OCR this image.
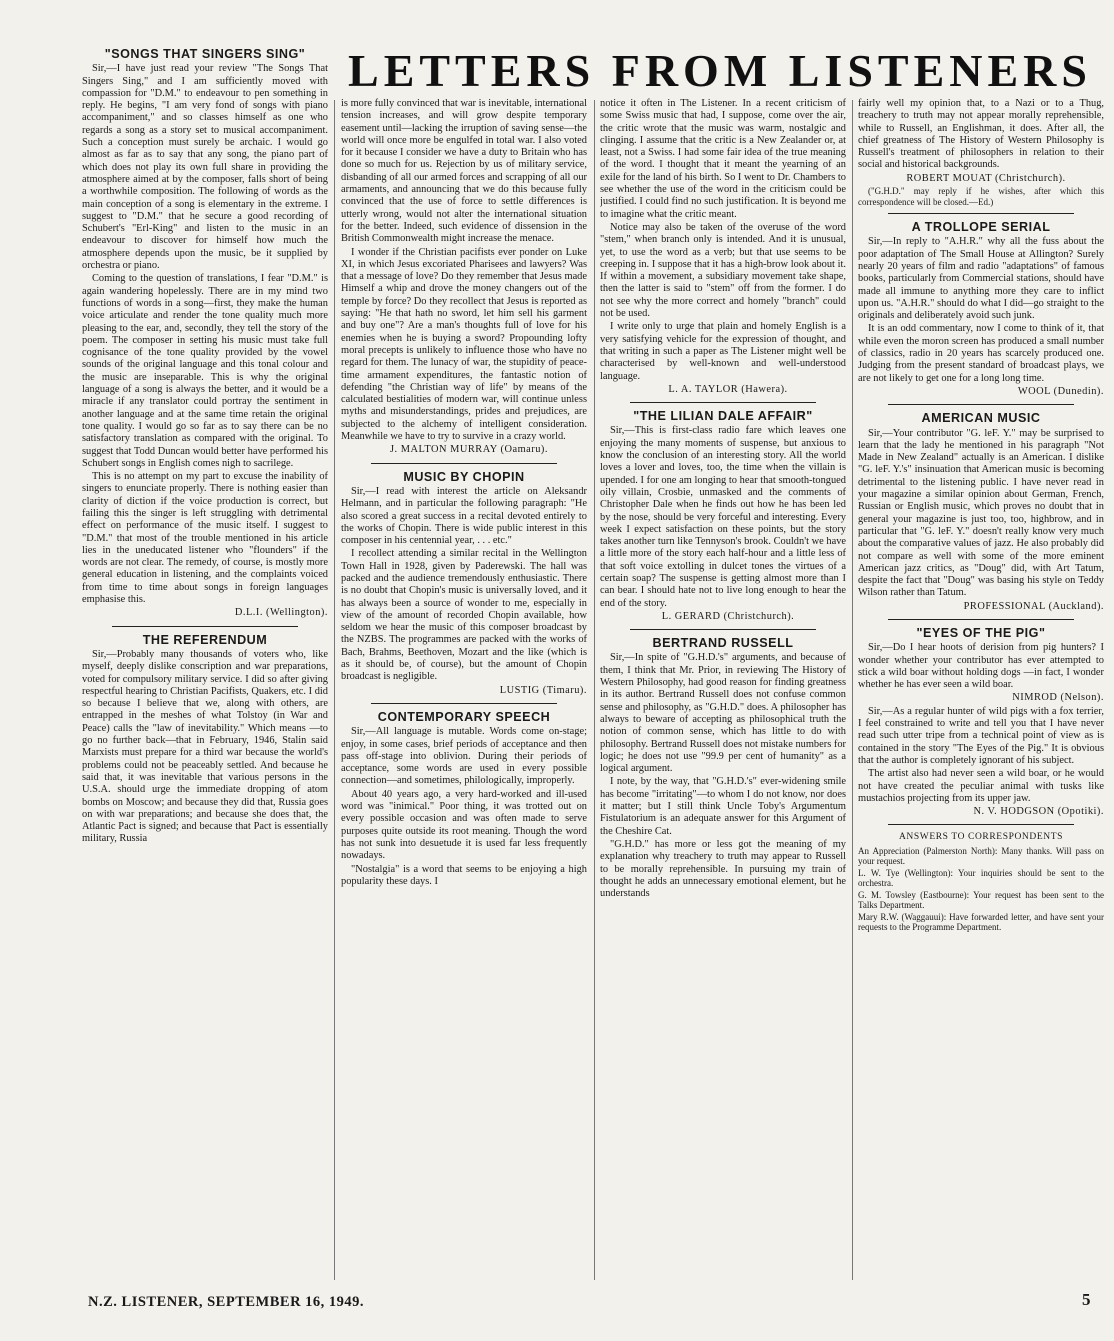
LETTERS FROM LISTENERS
"SONGS THAT SINGERS SING"

Sir,—I have just read your review "The Songs That Singers Sing," and I am sufficiently moved with compassion for "D.M." to endeavour to pen something in reply. He begins, "I am very fond of songs with piano accompaniment," and so classes himself as one who regards a song as a story set to musical accompaniment. Such a conception must surely be archaic. I would go almost as far as to say that any song, the piano part of which does not play its own full share in providing the atmosphere aimed at by the composer, falls short of being a worthwhile composition. The following of words as the main conception of a song is elementary in the extreme. I suggest to "D.M." that he secure a good recording of Schubert's "Erl-King" and listen to the music in an endeavour to discover for himself how much the atmosphere depends upon the music, be it supplied by orchestra or piano.

Coming to the question of translations, I fear "D.M." is again wandering hopelessly. There are in my mind two functions of words in a song—first, they make the human voice articulate and render the tone quality much more pleasing to the ear, and, secondly, they tell the story of the poem. The composer in setting his music must take full cognisance of the tone quality provided by the vowel sounds of the original language and this tonal colour and the music are inseparable. This is why the original language of a song is always the better, and it would be a miracle if any translator could portray the sentiment in another language and at the same time retain the original tone quality. I would go so far as to say there can be no satisfactory translation as compared with the original. To suggest that Todd Duncan would better have performed his Schubert songs in English comes nigh to sacrilege.

This is no attempt on my part to excuse the inability of singers to enunciate properly. There is nothing easier than clarity of diction if the voice production is correct, but failing this the singer is left struggling with detrimental effect on performance of the music itself. I suggest to "D.M." that most of the trouble mentioned in his article lies in the uneducated listener who "flounders" if the words are not clear. The remedy, of course, is mostly more general education in listening, and the complaints voiced from time to time about songs in foreign languages emphasise this.

D.L.I. (Wellington).

THE REFERENDUM

Sir,—Probably many thousands of voters who, like myself, deeply dislike conscription and war preparations, voted for compulsory military service. I did so after giving respectful hearing to Christian Pacifists, Quakers, etc. I did so because I believe that we, along with others, are entrapped in the meshes of what Tolstoy (in War and Peace) calls the "law of inevitability." Which means —to go no further back—that in February, 1946, Stalin said Marxists must prepare for a third war because the world's problems could not be peaceably settled. And because he said that, it was inevitable that various persons in the U.S.A. should urge the immediate dropping of atom bombs on Moscow; and because they did that, Russia goes on with war preparations; and because she does that, the Atlantic Pact is signed; and because that Pact is essentially military, Russia

is more fully convinced that war is inevitable, international tension increases, and will grow despite temporary easement until—lacking the irruption of saving sense—the world will once more be engulfed in total war. I also voted for it because I consider we have a duty to Britain who has done so much for us. Rejection by us of military service, disbanding of all our armed forces and scrapping of all our armaments, and announcing that we do this because fully convinced that the use of force to settle differences is utterly wrong, would not alter the international situation for the better. Indeed, such evidence of dissension in the British Commonwealth might increase the menace.

I wonder if the Christian pacifists ever ponder on Luke XI, in which Jesus excoriated Pharisees and lawyers? Was that a message of love? Do they remember that Jesus made Himself a whip and drove the money changers out of the temple by force? Do they recollect that Jesus is reported as saying: "He that hath no sword, let him sell his garment and buy one"? Are a man's thoughts full of love for his enemies when he is buying a sword? Propounding lofty moral precepts is unlikely to influence those who have no regard for them. The lunacy of war, the stupidity of peace-time armament expenditures, the fantastic notion of defending "the Christian way of life" by means of the calculated bestialities of modern war, will continue unless myths and misunderstandings, prides and prejudices, are subjected to the alchemy of intelligent consideration. Meanwhile we have to try to survive in a crazy world.

J. MALTON MURRAY (Oamaru).

MUSIC BY CHOPIN

Sir,—I read with interest the article on Aleksandr Helmann, and in particular the following paragraph: "He also scored a great success in a recital devoted entirely to the works of Chopin. There is wide public interest in this composer in his centennial year, . . . etc."

I recollect attending a similar recital in the Wellington Town Hall in 1928, given by Paderewski. The hall was packed and the audience tremendously enthusiastic. There is no doubt that Chopin's music is universally loved, and it has always been a source of wonder to me, especially in view of the amount of recorded Chopin available, how seldom we hear the music of this composer broadcast by the NZBS. The programmes are packed with the works of Bach, Brahms, Beethoven, Mozart and the like (which is as it should be, of course), but the amount of Chopin broadcast is negligible.

LUSTIG (Timaru).

CONTEMPORARY SPEECH

Sir,—All language is mutable. Words come on-stage; enjoy, in some cases, brief periods of acceptance and then pass off-stage into oblivion. During their periods of acceptance, some words are used in every possible connection—and sometimes, philologically, improperly.

About 40 years ago, a very hard-worked and ill-used word was "inimical." Poor thing, it was trotted out on every possible occasion and was often made to serve purposes quite outside its root meaning. Though the word has not sunk into desuetude it is used far less frequently nowadays.

"Nostalgia" is a word that seems to be enjoying a high popularity these days. I

notice it often in The Listener. In a recent criticism of some Swiss music that had, I suppose, come over the air, the critic wrote that the music was warm, nostalgic and clinging. I assume that the critic is a New Zealander or, at least, not a Swiss. I had some fair idea of the true meaning of the word. I thought that it meant the yearning of an exile for the land of his birth. So I went to Dr. Chambers to see whether the use of the word in the criticism could be justified. I could find no such justification. It is beyond me to imagine what the critic meant.

Notice may also be taken of the overuse of the word "stem," when branch only is intended. And it is unusual, yet, to use the word as a verb; but that use seems to be creeping in. I suppose that it has a high-brow look about it. If within a movement, a subsidiary movement take shape, then the latter is said to "stem" off from the former. I do not see why the more correct and homely "branch" could not be used.

I write only to urge that plain and homely English is a very satisfying vehicle for the expression of thought, and that writing in such a paper as The Listener might well be characterised by well-known and well-understood language.

L. A. TAYLOR (Hawera).

"THE LILIAN DALE AFFAIR"

Sir,—This is first-class radio fare which leaves one enjoying the many moments of suspense, but anxious to know the conclusion of an interesting story. All the world loves a lover and loves, too, the time when the villain is upended. I for one am longing to hear that smooth-tongued oily villain, Crosbie, unmasked and the comments of Christopher Dale when he finds out how he has been led by the nose, should be very forceful and interesting. Every week I expect satisfaction on these points, but the story takes another turn like Tennyson's brook. Couldn't we have a little more of the story each half-hour and a little less of that soft voice extolling in dulcet tones the virtues of a certain soap? The suspense is getting almost more than I can bear. I should hate not to live long enough to hear the end of the story.

L. GERARD (Christchurch).

BERTRAND RUSSELL

Sir,—In spite of "G.H.D.'s" arguments, and because of them, I think that Mr. Prior, in reviewing The History of Western Philosophy, had good reason for finding greatness in its author. Bertrand Russell does not confuse common sense and philosophy, as "G.H.D." does. A philosopher has always to beware of accepting as philosophical truth the notion of common sense, which has little to do with philosophy. Bertrand Russell does not mistake numbers for logic; he does not use "99.9 per cent of humanity" as a logical argument.

I note, by the way, that "G.H.D.'s" ever-widening smile has become "irritating"—to whom I do not know, nor does it matter; but I still think Uncle Toby's Argumentum Fistulatorium is an adequate answer for this Argument of the Cheshire Cat.

"G.H.D." has more or less got the meaning of my explanation why treachery to truth may appear to Russell to be morally reprehensible. In pursuing my train of thought he adds an unnecessary emotional element, but he understands

fairly well my opinion that, to a Nazi or to a Thug, treachery to truth may not appear morally reprehensible, while to Russell, an Englishman, it does. After all, the chief greatness of The History of Western Philosophy is Russell's treatment of philosophers in relation to their social and historical backgrounds.

ROBERT MOUAT (Christchurch).

("G.H.D." may reply if he wishes, after which this correspondence will be closed.—Ed.)

A TROLLOPE SERIAL

Sir,—In reply to "A.H.R." why all the fuss about the poor adaptation of The Small House at Allington? Surely nearly 20 years of film and radio "adaptations" of famous books, particularly from Commercial stations, should have made all immune to anything more they care to inflict upon us. "A.H.R." should do what I did—go straight to the originals and deliberately avoid such junk.

It is an odd commentary, now I come to think of it, that while even the moron screen has produced a small number of classics, radio in 20 years has scarcely produced one. Judging from the present standard of broadcast plays, we are not likely to get one for a long long time.

WOOL (Dunedin).

AMERICAN MUSIC

Sir,—Your contributor "G. leF. Y." may be surprised to learn that the lady he mentioned in his paragraph "Not Made in New Zealand" actually is an American. I dislike "G. leF. Y.'s" insinuation that American music is becoming detrimental to the listening public. I have never read in your magazine a similar opinion about German, French, Russian or English music, which proves no doubt that in general your magazine is just too, too, highbrow, and in particular that "G. leF. Y." doesn't really know very much about the comparative values of jazz. He also probably did not compare as well with some of the more eminent American jazz critics, as "Doug" did, with Art Tatum, despite the fact that "Doug" was basing his style on Teddy Wilson rather than Tatum.

PROFESSIONAL (Auckland).

"EYES OF THE PIG"

Sir,—Do I hear hoots of derision from pig hunters? I wonder whether your contributor has ever attempted to stick a wild boar without holding dogs —in fact, I wonder whether he has ever seen a wild boar.

NIMROD (Nelson).

Sir,—As a regular hunter of wild pigs with a fox terrier, I feel constrained to write and tell you that I have never read such utter tripe from a technical point of view as is contained in the story "The Eyes of the Pig." It is obvious that the author is completely ignorant of his subject.

The artist also had never seen a wild boar, or he would not have created the peculiar animal with tusks like mustachios projecting from its upper jaw.

N. V. HODGSON (Opotiki).

ANSWERS TO CORRESPONDENTS

An Appreciation (Palmerston North): Many thanks. Will pass on your request.

L. W. Tye (Wellington): Your inquiries should be sent to the orchestra.

G. M. Towsley (Eastbourne): Your request has been sent to the Talks Department.

Mary R.W. (Waggauui): Have forwarded letter, and have sent your requests to the Programme Department.

N.Z. LISTENER, SEPTEMBER 16, 1949.	5
